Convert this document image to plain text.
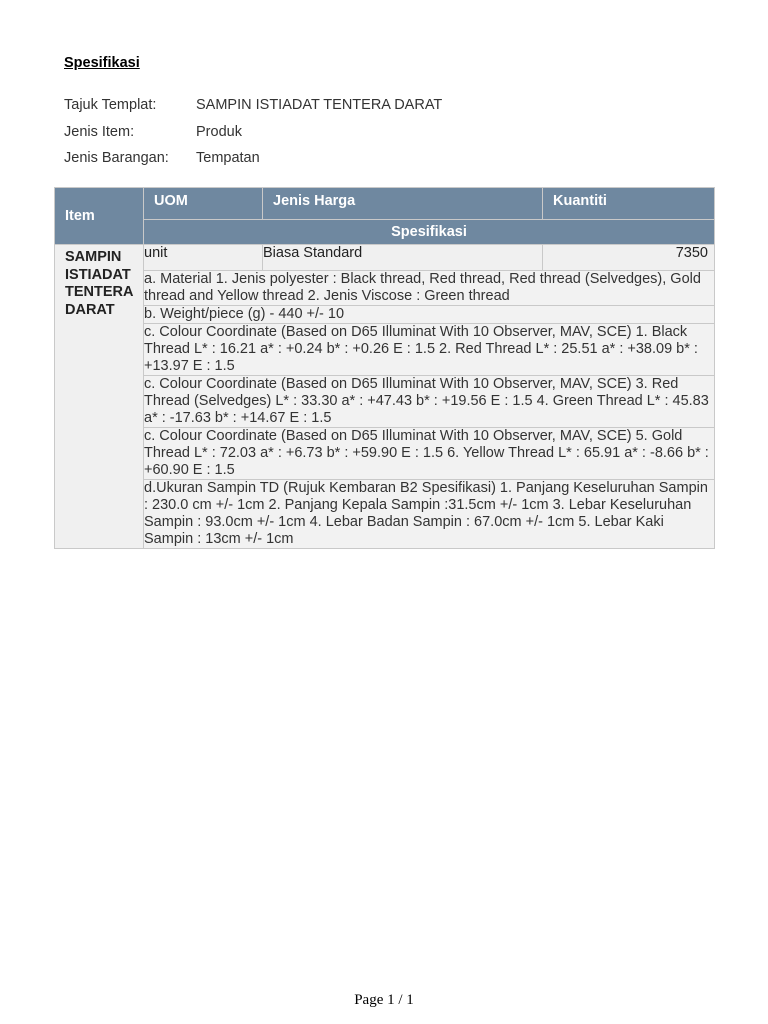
Spesifikasi
Tajuk Templat:	SAMPIN ISTIADAT TENTERA DARAT
Jenis Item:	Produk
Jenis Barangan: Tempatan
Item	UOM	Jenis Harga	Kuantiti
	Spesifikasi		
SAMPIN ISTIADAT TENTERA DARAT	unit	Biasa Standard	7350
	a. Material 1. Jenis polyester : Black thread, Red thread, Red thread (Selvedges), Gold thread and Yellow thread 2. Jenis Viscose : Green thread		
	b. Weight/piece (g) - 440 +/- 10		
	c. Colour Coordinate (Based on D65 Illuminat With 10 Observer, MAV, SCE) 1. Black Thread L* : 16.21 a* : +0.24 b* : +0.26 E : 1.5 2. Red Thread L* : 25.51 a* : +38.09 b* : +13.97 E : 1.5		
	c. Colour Coordinate (Based on D65 Illuminat With 10 Observer, MAV, SCE) 3. Red Thread (Selvedges) L* : 33.30 a* : +47.43 b* : +19.56 E : 1.5 4. Green Thread L* : 45.83 a* : -17.63 b* : +14.67 E : 1.5		
	c. Colour Coordinate (Based on D65 Illuminat With 10 Observer, MAV, SCE) 5. Gold Thread L* : 72.03 a* : +6.73 b* : +59.90 E : 1.5 6. Yellow Thread L* : 65.91 a* : -8.66 b* : +60.90 E : 1.5		
	d.Ukuran Sampin TD (Rujuk Kembaran B2 Spesifikasi) 1. Panjang Keseluruhan Sampin : 230.0 cm +/- 1cm 2. Panjang Kepala Sampin :31.5cm +/- 1cm 3. Lebar Keseluruhan Sampin : 93.0cm +/- 1cm 4. Lebar Badan Sampin : 67.0cm +/- 1cm 5. Lebar Kaki Sampin : 13cm +/- 1cm		
Page 1 / 1
